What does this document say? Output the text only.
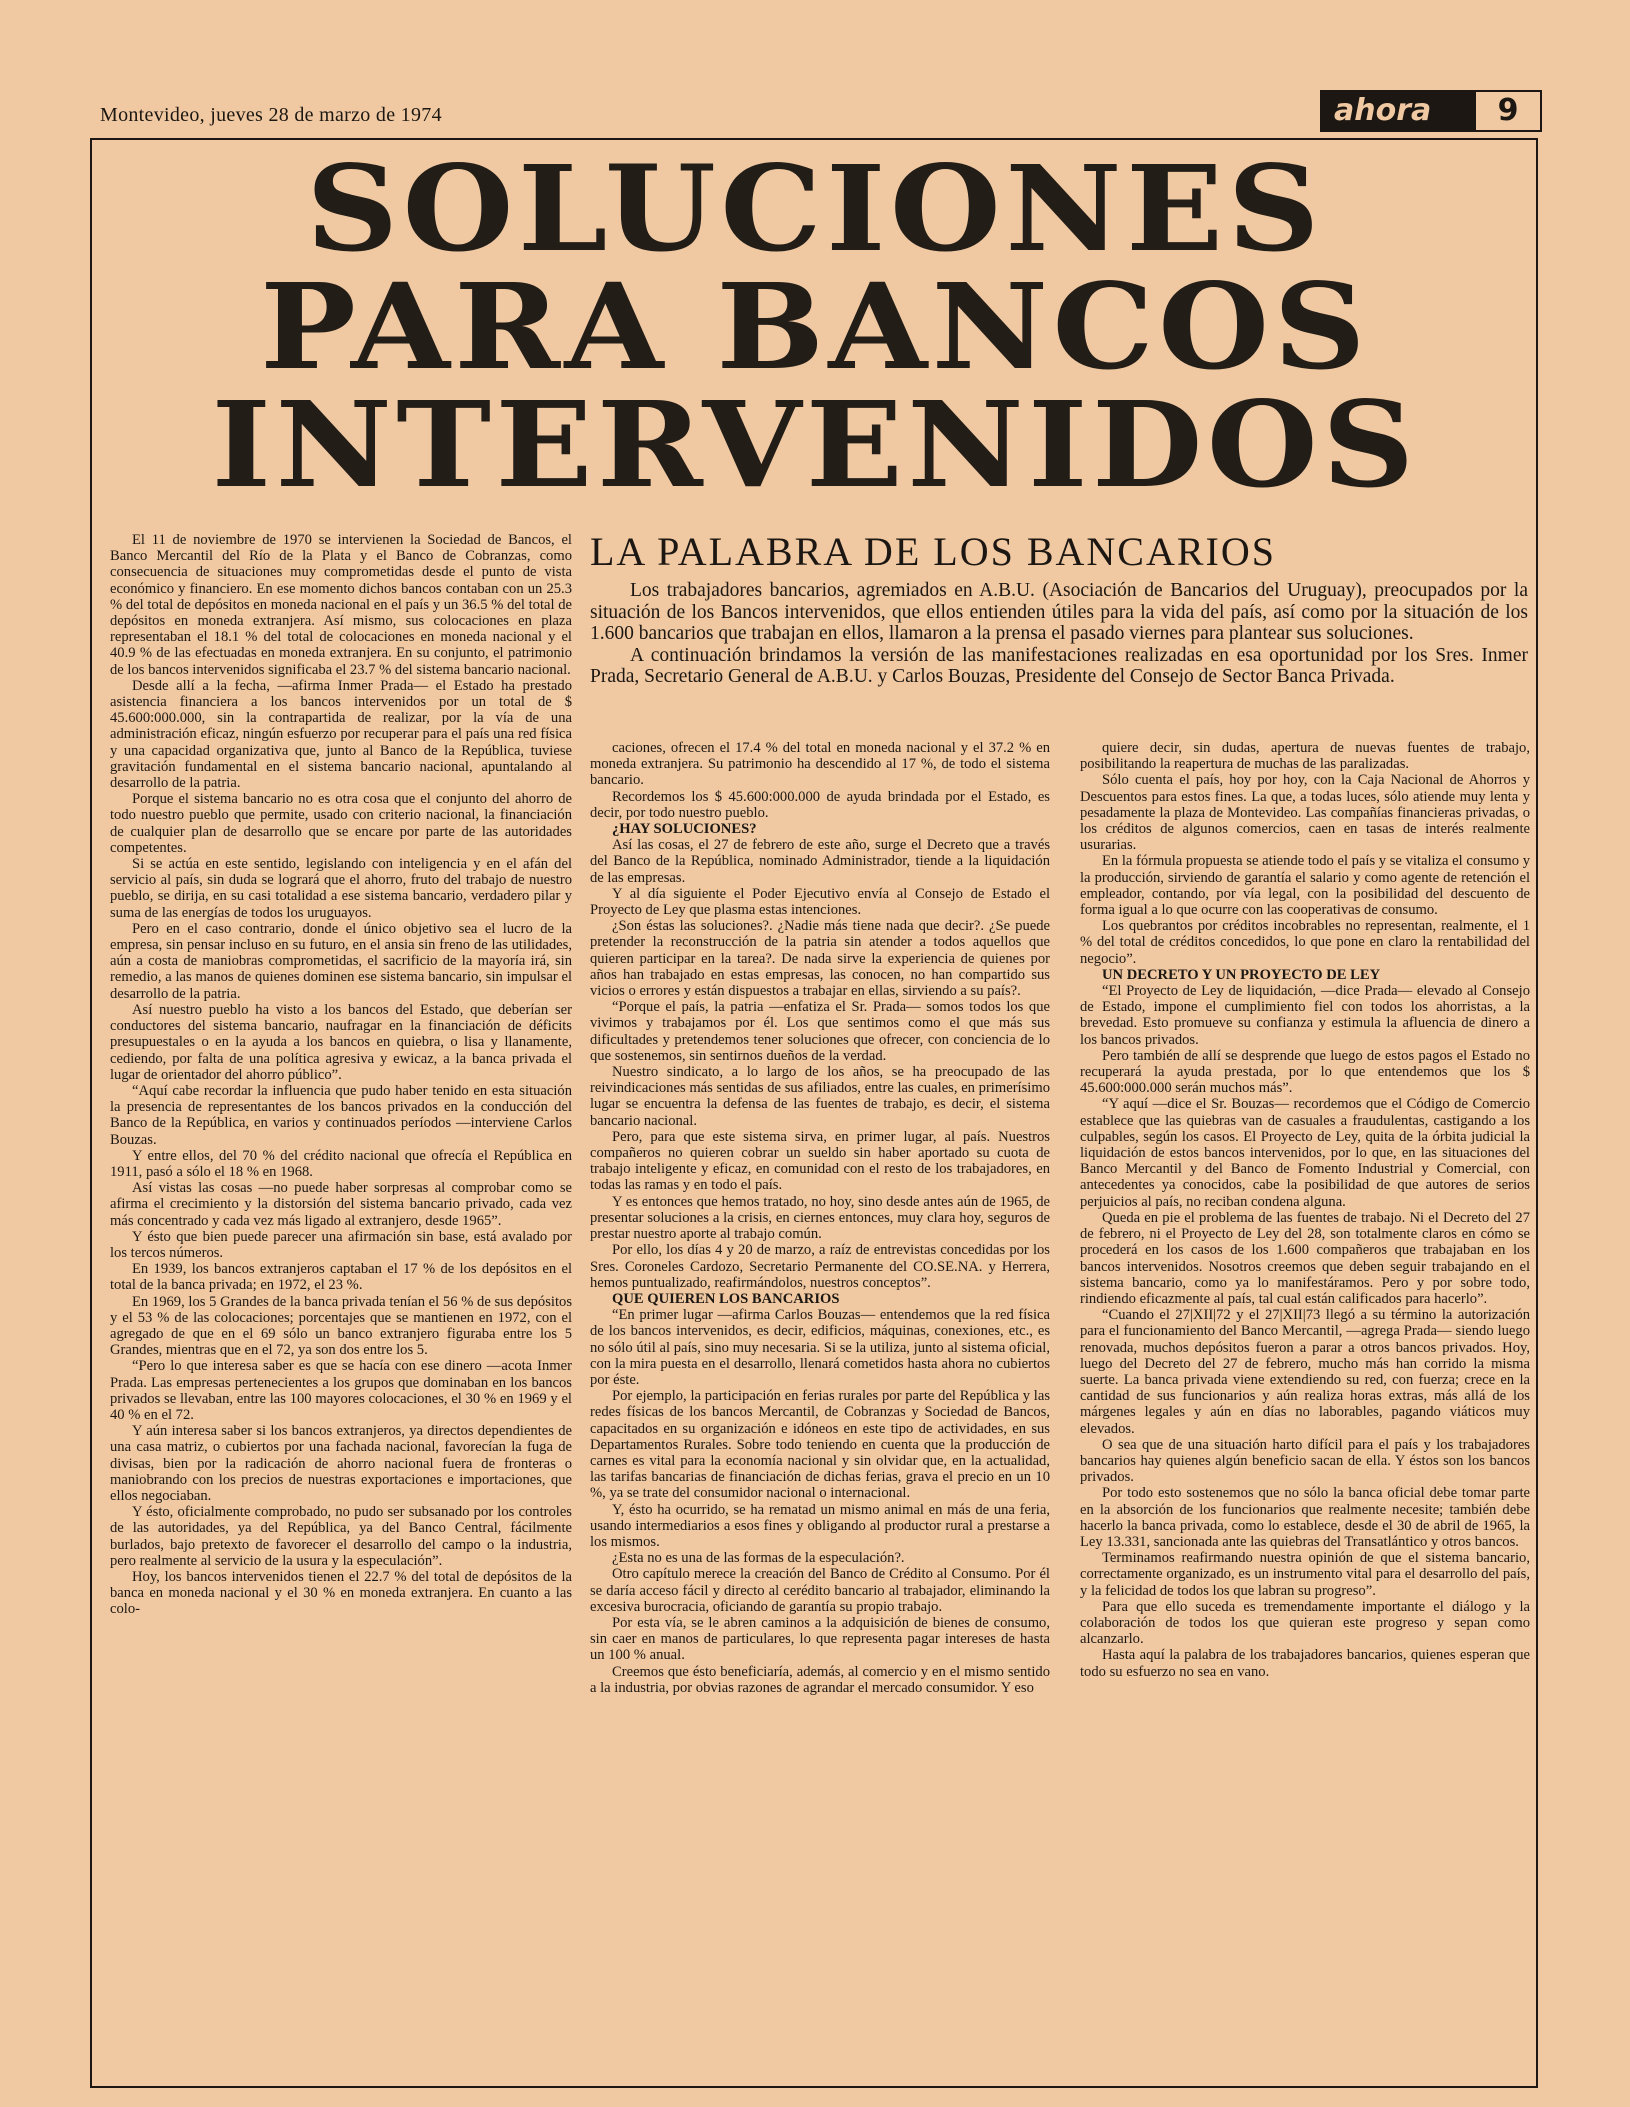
Montevideo, jueves 28 de marzo de 1974	ahora	9
SOLUCIONES
PARA BANCOS
INTERVENIDOS
LA PALABRA DE LOS BANCARIOS

Los trabajadores bancarios, agremiados en A.B.U. (Asociación de Bancarios del Uruguay), preocupados por la situación de los Bancos intervenidos, que ellos entienden útiles para la vida del país, así como por la situación de los 1.600 bancarios que trabajan en ellos, llamaron a la prensa el pasado viernes para plantear sus soluciones.

A continuación brindamos la versión de las manifestaciones realizadas en esa oportunidad por los Sres. Inmer Prada, Secretario General de A.B.U. y Carlos Bouzas, Presidente del Consejo de Sector Banca Privada.

El 11 de noviembre de 1970 se intervienen la Sociedad de Bancos, el Banco Mercantil del Río de la Plata y el Banco de Cobranzas, como consecuencia de situaciones muy comprometidas desde el punto de vista económico y financiero. En ese momento dichos bancos contaban con un 25.3 % del total de depósitos en moneda nacional en el país y un 36.5 % del total de depósitos en moneda extranjera. Así mismo, sus colocaciones en plaza representaban el 18.1 % del total de colocaciones en moneda nacional y el 40.9 % de las efectuadas en moneda extranjera. En su conjunto, el patrimonio de los bancos intervenidos significaba el 23.7 % del sistema bancario nacional.

Desde allí a la fecha, —afirma Inmer Prada— el Estado ha prestado asistencia financiera a los bancos intervenidos por un total de $ 45.600:000.000, sin la contrapartida de realizar, por la vía de una administración eficaz, ningún esfuerzo por recuperar para el país una red física y una capacidad organizativa que, junto al Banco de la República, tuviese gravitación fundamental en el sistema bancario nacional, apuntalando al desarrollo de la patria.

Porque el sistema bancario no es otra cosa que el conjunto del ahorro de todo nuestro pueblo que permite, usado con criterio nacional, la financiación de cualquier plan de desarrollo que se encare por parte de las autoridades competentes.

Si se actúa en este sentido, legislando con inteligencia y en el afán del servicio al país, sin duda se logrará que el ahorro, fruto del trabajo de nuestro pueblo, se dirija, en su casi totalidad a ese sistema bancario, verdadero pilar y suma de las energías de todos los uruguayos.

Pero en el caso contrario, donde el único objetivo sea el lucro de la empresa, sin pensar incluso en su futuro, en el ansia sin freno de las utilidades, aún a costa de maniobras comprometidas, el sacrificio de la mayoría irá, sin remedio, a las manos de quienes dominen ese sistema bancario, sin impulsar el desarrollo de la patria.

Así nuestro pueblo ha visto a los bancos del Estado, que deberían ser conductores del sistema bancario, naufragar en la financiación de déficits presupuestales o en la ayuda a los bancos en quiebra, o lisa y llanamente, cediendo, por falta de una política agresiva y ewicaz, a la banca privada el lugar de orientador del ahorro público”.

“Aquí cabe recordar la influencia que pudo haber tenido en esta situación la presencia de representantes de los bancos privados en la conducción del Banco de la República, en varios y continuados períodos —interviene Carlos Bouzas.

Y entre ellos, del 70 % del crédito nacional que ofrecía el República en 1911, pasó a sólo el 18 % en 1968.

Así vistas las cosas —no puede haber sorpresas al comprobar como se afirma el crecimiento y la distorsión del sistema bancario privado, cada vez más concentrado y cada vez más ligado al extranjero, desde 1965”.

Y ésto que bien puede parecer una afirmación sin base, está avalado por los tercos números.

En 1939, los bancos extranjeros captaban el 17 % de los depósitos en el total de la banca privada; en 1972, el 23 %.

En 1969, los 5 Grandes de la banca privada tenían el 56 % de sus depósitos y el 53 % de las colocaciones; porcentajes que se mantienen en 1972, con el agregado de que en el 69 sólo un banco extranjero figuraba entre los 5 Grandes, mientras que en el 72, ya son dos entre los 5.

“Pero lo que interesa saber es que se hacía con ese dinero —acota Inmer Prada. Las empresas pertenecientes a los grupos que dominaban en los bancos privados se llevaban, entre las 100 mayores colocaciones, el 30 % en 1969 y el 40 % en el 72.

Y aún interesa saber si los bancos extranjeros, ya directos dependientes de una casa matriz, o cubiertos por una fachada nacional, favorecían la fuga de divisas, bien por la radicación de ahorro nacional fuera de fronteras o maniobrando con los precios de nuestras exportaciones e importaciones, que ellos negociaban.

Y ésto, oficialmente comprobado, no pudo ser subsanado por los controles de las autoridades, ya del República, ya del Banco Central, fácilmente burlados, bajo pretexto de favorecer el desarrollo del campo o la industria, pero realmente al servicio de la usura y la especulación”.

Hoy, los bancos intervenidos tienen el 22.7 % del total de depósitos de la banca en moneda nacional y el 30 % en moneda extranjera. En cuanto a las colo-

caciones, ofrecen el 17.4 % del total en moneda nacional y el 37.2 % en moneda extranjera. Su patrimonio ha descendido al 17 %, de todo el sistema bancario.

Recordemos los $ 45.600:000.000 de ayuda brindada por el Estado, es decir, por todo nuestro pueblo.

¿HAY SOLUCIONES?

Así las cosas, el 27 de febrero de este año, surge el Decreto que a través del Banco de la República, nominado Administrador, tiende a la liquidación de las empresas.

Y al día siguiente el Poder Ejecutivo envía al Consejo de Estado el Proyecto de Ley que plasma estas intenciones.

¿Son éstas las soluciones?. ¿Nadie más tiene nada que decir?. ¿Se puede pretender la reconstrucción de la patria sin atender a todos aquellos que quieren participar en la tarea?. De nada sirve la experiencia de quienes por años han trabajado en estas empresas, las conocen, no han compartido sus vicios o errores y están dispuestos a trabajar en ellas, sirviendo a su país?.

“Porque el país, la patria —enfatiza el Sr. Prada— somos todos los que vivimos y trabajamos por él. Los que sentimos como el que más sus dificultades y pretendemos tener soluciones que ofrecer, con conciencia de lo que sostenemos, sin sentirnos dueños de la verdad.

Nuestro sindicato, a lo largo de los años, se ha preocupado de las reivindicaciones más sentidas de sus afiliados, entre las cuales, en primerísimo lugar se encuentra la defensa de las fuentes de trabajo, es decir, el sistema bancario nacional.

Pero, para que este sistema sirva, en primer lugar, al país. Nuestros compañeros no quieren cobrar un sueldo sin haber aportado su cuota de trabajo inteligente y eficaz, en comunidad con el resto de los trabajadores, en todas las ramas y en todo el país.

Y es entonces que hemos tratado, no hoy, sino desde antes aún de 1965, de presentar soluciones a la crisis, en ciernes entonces, muy clara hoy, seguros de prestar nuestro aporte al trabajo común.

Por ello, los días 4 y 20 de marzo, a raíz de entrevistas concedidas por los Sres. Coroneles Cardozo, Secretario Permanente del CO.SE.NA. y Herrera, hemos puntualizado, reafirmándolos, nuestros conceptos”.

QUE QUIEREN LOS BANCARIOS

“En primer lugar —afirma Carlos Bouzas— entendemos que la red física de los bancos intervenidos, es decir, edificios, máquinas, conexiones, etc., es no sólo útil al país, sino muy necesaria. Si se la utiliza, junto al sistema oficial, con la mira puesta en el desarrollo, llenará cometidos hasta ahora no cubiertos por éste.

Por ejemplo, la participación en ferias rurales por parte del República y las redes físicas de los bancos Mercantil, de Cobranzas y Sociedad de Bancos, capacitados en su organización e idóneos en este tipo de actividades, en sus Departamentos Rurales. Sobre todo teniendo en cuenta que la producción de carnes es vital para la economía nacional y sin olvidar que, en la actualidad, las tarifas bancarias de financiación de dichas ferias, grava el precio en un 10 %, ya se trate del consumidor nacional o internacional.

Y, ésto ha ocurrido, se ha rematad un mismo animal en más de una feria, usando intermediarios a esos fines y obligando al productor rural a prestarse a los mismos.

¿Esta no es una de las formas de la especulación?.

Otro capítulo merece la creación del Banco de Crédito al Consumo. Por él se daría acceso fácil y directo al cerédito bancario al trabajador, eliminando la excesiva burocracia, oficiando de garantía su propio trabajo.

Por esta vía, se le abren caminos a la adquisición de bienes de consumo, sin caer en manos de particulares, lo que representa pagar intereses de hasta un 100 % anual.

Creemos que ésto beneficiaría, además, al comercio y en el mismo sentido a la industria, por obvias razones de agrandar el mercado consumidor. Y eso

quiere decir, sin dudas, apertura de nuevas fuentes de trabajo, posibilitando la reapertura de muchas de las paralizadas.

Sólo cuenta el país, hoy por hoy, con la Caja Nacional de Ahorros y Descuentos para estos fines. La que, a todas luces, sólo atiende muy lenta y pesadamente la plaza de Montevideo. Las compañías financieras privadas, o los créditos de algunos comercios, caen en tasas de interés realmente usurarias.

En la fórmula propuesta se atiende todo el país y se vitaliza el consumo y la producción, sirviendo de garantía el salario y como agente de retención el empleador, contando, por vía legal, con la posibilidad del descuento de forma igual a lo que ocurre con las cooperativas de consumo.

Los quebrantos por créditos incobrables no representan, realmente, el 1 % del total de créditos concedidos, lo que pone en claro la rentabilidad del negocio”.

UN DECRETO Y UN PROYECTO DE LEY

“El Proyecto de Ley de liquidación, —dice Prada— elevado al Consejo de Estado, impone el cumplimiento fiel con todos los ahorristas, a la brevedad. Esto promueve su confianza y estimula la afluencia de dinero a los bancos privados.

Pero también de allí se desprende que luego de estos pagos el Estado no recuperará la ayuda prestada, por lo que entendemos que los $ 45.600:000.000 serán muchos más”.

“Y aquí —dice el Sr. Bouzas— recordemos que el Código de Comercio establece que las quiebras van de casuales a fraudulentas, castigando a los culpables, según los casos. El Proyecto de Ley, quita de la órbita judicial la liquidación de estos bancos intervenidos, por lo que, en las situaciones del Banco Mercantil y del Banco de Fomento Industrial y Comercial, con antecedentes ya conocidos, cabe la posibilidad de que autores de serios perjuicios al país, no reciban condena alguna.

Queda en pie el problema de las fuentes de trabajo. Ni el Decreto del 27 de febrero, ni el Proyecto de Ley del 28, son totalmente claros en cómo se procederá en los casos de los 1.600 compañeros que trabajaban en los bancos intervenidos. Nosotros creemos que deben seguir trabajando en el sistema bancario, como ya lo manifestáramos. Pero y por sobre todo, rindiendo eficazmente al país, tal cual están calificados para hacerlo”.

“Cuando el 27|XII|72 y el 27|XII|73 llegó a su término la autorización para el funcionamiento del Banco Mercantil, —agrega Prada— siendo luego renovada, muchos depósitos fueron a parar a otros bancos privados. Hoy, luego del Decreto del 27 de febrero, mucho más han corrido la misma suerte. La banca privada viene extendiendo su red, con fuerza; crece en la cantidad de sus funcionarios y aún realiza horas extras, más allá de los márgenes legales y aún en días no laborables, pagando viáticos muy elevados.

O sea que de una situación harto difícil para el país y los trabajadores bancarios hay quienes algún beneficio sacan de ella. Y éstos son los bancos privados.

Por todo esto sostenemos que no sólo la banca oficial debe tomar parte en la absorción de los funcionarios que realmente necesite; también debe hacerlo la banca privada, como lo establece, desde el 30 de abril de 1965, la Ley 13.331, sancionada ante las quiebras del Transatlántico y otros bancos.

Terminamos reafirmando nuestra opinión de que el sistema bancario, correctamente organizado, es un instrumento vital para el desarrollo del país, y la felicidad de todos los que labran su progreso”.

Para que ello suceda es tremendamente importante el diálogo y la colaboración de todos los que quieran este progreso y sepan como alcanzarlo.

Hasta aquí la palabra de los trabajadores bancarios, quienes esperan que todo su esfuerzo no sea en vano.
